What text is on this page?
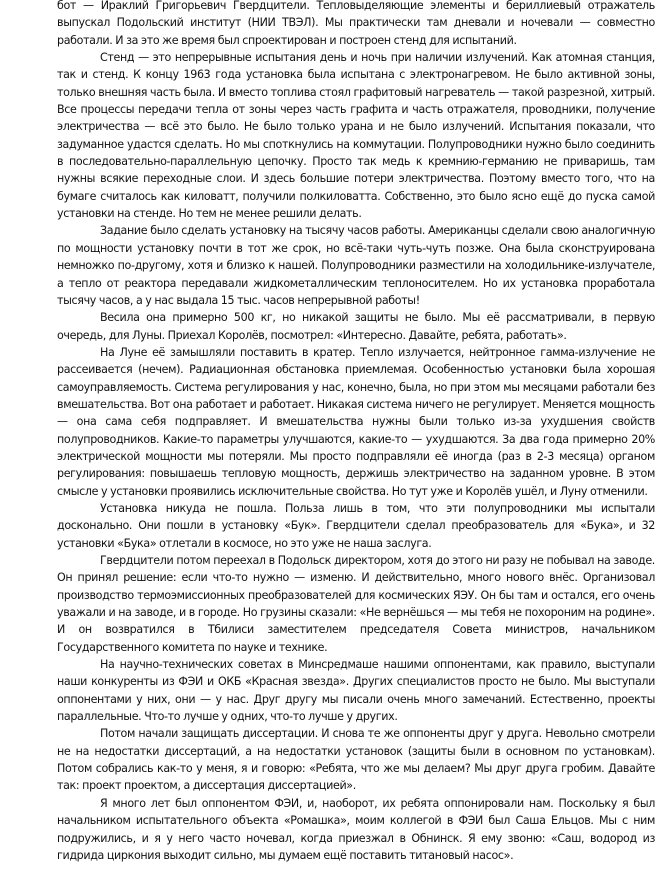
бот — Ираклий Григорьевич Гвердцители. Тепловыделяющие элементы и бериллиевый отражатель выпускал Подольский институт (НИИ ТВЭЛ). Мы практически там дневали и ночевали — совместно работали. И за это же время был спроектирован и построен стенд для испытаний.

Стенд — это непрерывные испытания день и ночь при наличии излучений. Как атомная станция, так и стенд. К концу 1963 года установка была испытана с электронагревом. Не было активной зоны, только внешняя часть была. И вместо топлива стоял графитовый нагреватель — такой разрезной, хитрый. Все процессы передачи тепла от зоны через часть графита и часть отражателя, проводники, получение электричества — всё это было. Не было только урана и не было излучений. Испытания показали, что задуманное удастся сделать. Но мы споткнулись на коммутации. Полупроводники нужно было соединить в последовательно-параллельную цепочку. Просто так медь к кремнию-германию не приваришь, там нужны всякие переходные слои. И здесь большие потери электричества. Поэтому вместо того, что на бумаге считалось как киловатт, получили полкиловатта. Собственно, это было ясно ещё до пуска самой установки на стенде. Но тем не менее решили делать.

Задание было сделать установку на тысячу часов работы. Американцы сделали свою аналогичную по мощности установку почти в тот же срок, но всё-таки чуть-чуть позже. Она была сконструирована немножко по-другому, хотя и близко к нашей. Полупроводники разместили на холодильнике-излучателе, а тепло от реактора передавали жидкометаллическим теплоносителем. Но их установка проработала тысячу часов, а у нас выдала 15 тыс. часов непрерывной работы!

Весила она примерно 500 кг, но никакой защиты не было. Мы её рассматривали, в первую очередь, для Луны. Приехал Королёв, посмотрел: «Интересно. Давайте, ребята, работать».

На Луне её замышляли поставить в кратер. Тепло излучается, нейтронное гамма-излучение не рассеивается (нечем). Радиационная обстановка приемлемая. Особенностью установки была хорошая самоуправляемость. Система регулирования у нас, конечно, была, но при этом мы месяцами работали без вмешательства. Вот она работает и работает. Никакая система ничего не регулирует. Меняется мощность — она сама себя подправляет. И вмешательства нужны были только из-за ухудшения свойств полупроводников. Какие-то параметры улучшаются, какие-то — ухудшаются. За два года примерно 20% электрической мощности мы потеряли. Мы просто подправляли её иногда (раз в 2-3 месяца) органом регулирования: повышаешь тепловую мощность, держишь электричество на заданном уровне. В этом смысле у установки проявились исключительные свойства. Но тут уже и Королёв ушёл, и Луну отменили.

Установка никуда не пошла. Польза лишь в том, что эти полупроводники мы испытали досконально. Они пошли в установку «Бук». Гвердцители сделал преобразователь для «Бука», и 32 установки «Бука» отлетали в космосе, но это уже не наша заслуга.

Гвердцители потом переехал в Подольск директором, хотя до этого ни разу не побывал на заводе. Он принял решение: если что-то нужно — изменю. И действительно, много нового внёс. Организовал производство термоэмиссионных преобразователей для космических ЯЭУ. Он бы там и остался, его очень уважали и на заводе, и в городе. Но грузины сказали: «Не вернёшься — мы тебя не похороним на родине». И он возвратился в Тбилиси заместителем председателя Совета министров, начальником Государственного комитета по науке и технике.

На научно-технических советах в Минсредмаше нашими оппонентами, как правило, выступали наши конкуренты из ФЭИ и ОКБ «Красная звезда». Других специалистов просто не было. Мы выступали оппонентами у них, они — у нас. Друг другу мы писали очень много замечаний. Естественно, проекты параллельные. Что-то лучше у одних, что-то лучше у других.

Потом начали защищать диссертации. И снова те же оппоненты друг у друга. Невольно смотрели не на недостатки диссертаций, а на недостатки установок (защиты были в основном по установкам). Потом собрались как-то у меня, я и говорю: «Ребята, что же мы делаем? Мы друг друга гробим. Давайте так: проект проектом, а диссертация диссертацией».

Я много лет был оппонентом ФЭИ, и, наоборот, их ребята оппонировали нам. Поскольку я был начальником испытательного объекта «Ромашка», моим коллегой в ФЭИ был Саша Ельцов. Мы с ним подружились, и я у него часто ночевал, когда приезжал в Обнинск. Я ему звоню: «Саш, водород из гидрида циркония выходит сильно, мы думаем ещё поставить титановый насос».
